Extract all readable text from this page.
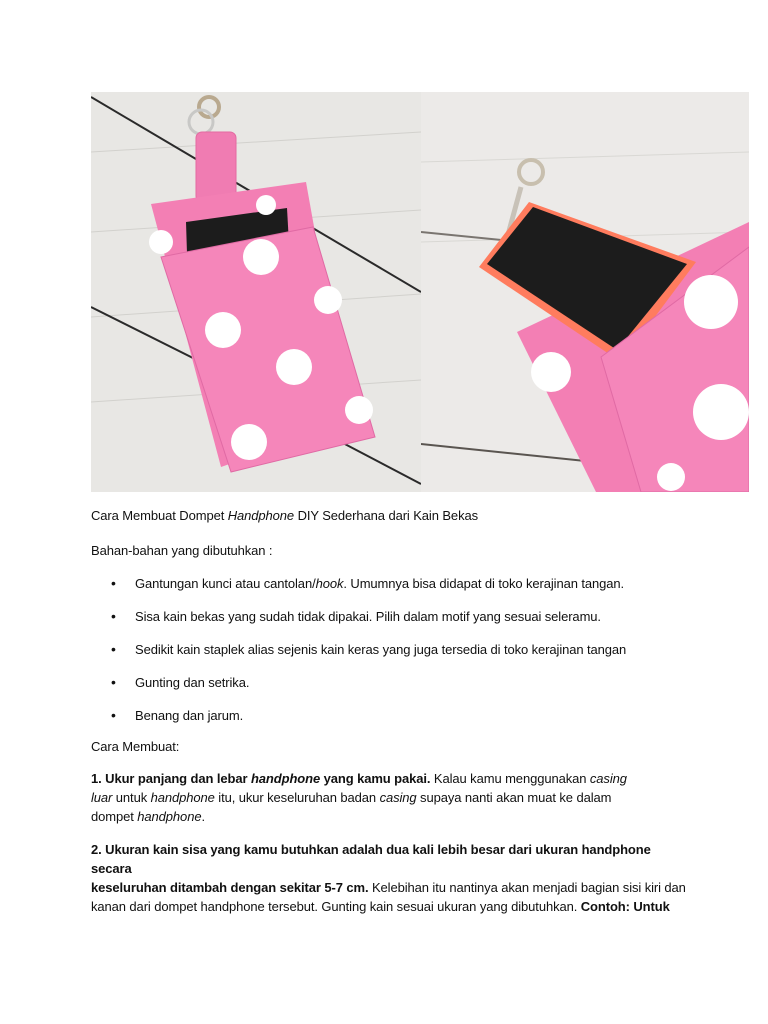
Cara Membuat Dompet Handphone DIY Sederhana dari Kain Bekas

Bahan-bahan yang dibutuhkan :

• Gantungan kunci atau cantolan/hook. Umumnya bisa didapat di toko kerajinan tangan.
• Sisa kain bekas yang sudah tidak dipakai. Pilih dalam motif yang sesuai seleramu.
• Sedikit kain staplek alias sejenis kain keras yang juga tersedia di toko kerajinan tangan
• Gunting dan setrika.
• Benang dan jarum.

Cara Membuat:

1. Ukur panjang dan lebar handphone yang kamu pakai. Kalau kamu menggunakan casing
luar untuk handphone itu, ukur keseluruhan badan casing supaya nanti akan muat ke dalam
dompet handphone.

2. Ukuran kain sisa yang kamu butuhkan adalah dua kali lebih besar dari ukuran handphone secara
keseluruhan ditambah dengan sekitar 5-7 cm. Kelebihan itu nantinya akan menjadi bagian sisi kiri dan
kanan dari dompet handphone tersebut. Gunting kain sesuai ukuran yang dibutuhkan. Contoh: Untuk
